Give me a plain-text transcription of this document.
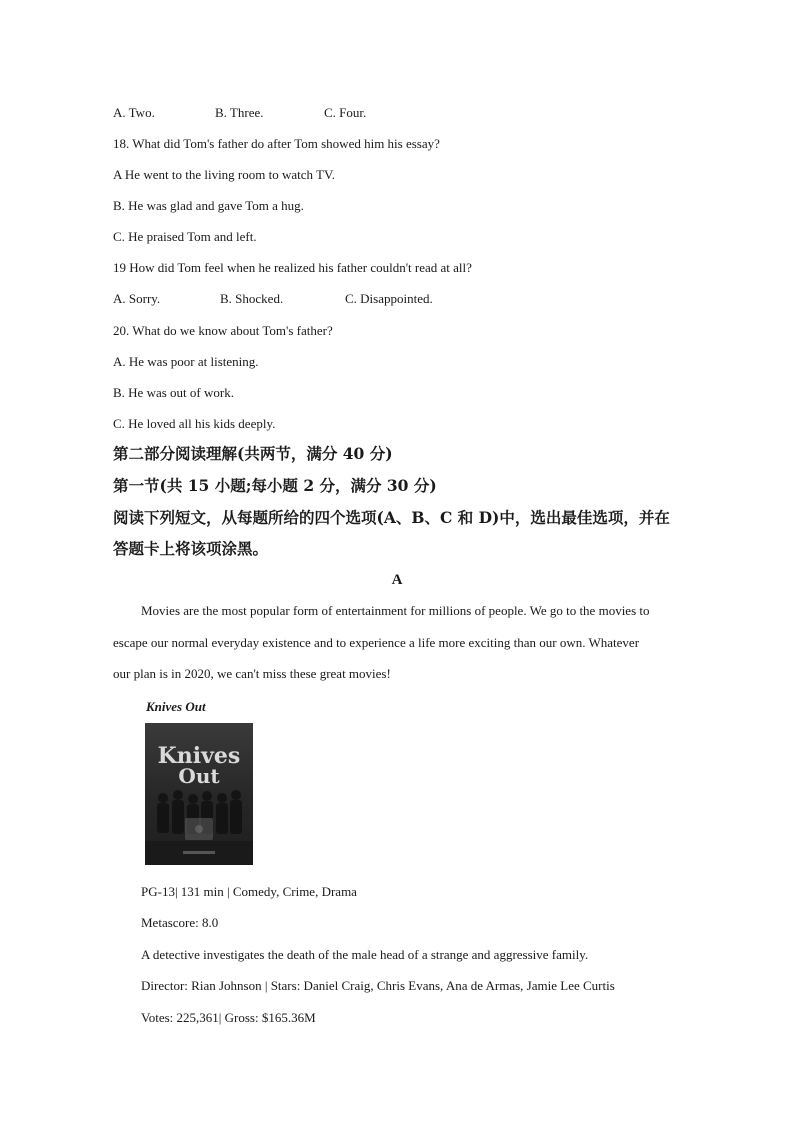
A. Two.	B. Three.	C. Four.
18. What did Tom's father do after Tom showed him his essay?
A He went to the living room to watch TV.
B. He was glad and gave Tom a hug.
C. He praised Tom and left.
19 How did Tom feel when he realized his father couldn't read at all?
A. Sorry.	B. Shocked.	C. Disappointed.
20. What do we know about Tom's father?
A. He was poor at listening.
B. He was out of work.
C. He loved all his kids deeply.
第二部分阅读理解(共两节，满分 40 分)
第一节(共 15 小题;每小题 2 分，满分 30 分)
阅读下列短文，从每题所给的四个选项(A、B、C 和 D)中，选出最佳选项，并在
答题卡上将该项涂黑。
A
Movies are the most popular form of entertainment for millions of people. We go to the movies to
escape our normal everyday existence and to experience a life more exciting than our own. Whatever
our plan is in 2020, we can't miss these great movies!
Knives Out
Knives
Out
PG-13| 131 min | Comedy, Crime, Drama
Metascore: 8.0
A detective investigates the death of the male head of a strange and aggressive family.
Director: Rian Johnson | Stars: Daniel Craig, Chris Evans, Ana de Armas, Jamie Lee Curtis
Votes: 225,361| Gross: $165.36M
